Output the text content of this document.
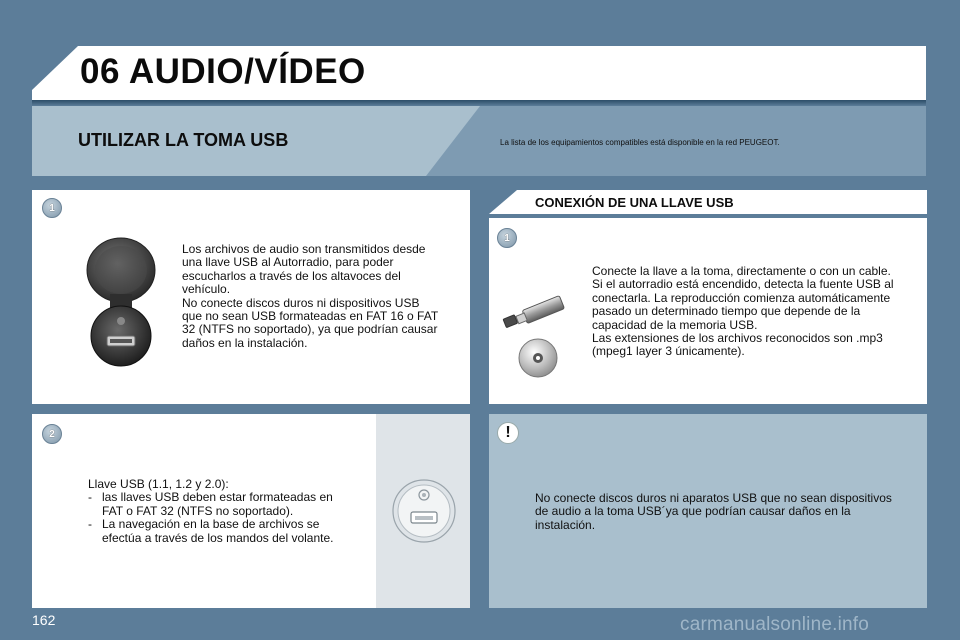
06 AUDIO/VÍDEO
UTILIZAR LA TOMA USB	La lista de los equipamientos compatibles está disponible en la red PEUGEOT.
1
Los archivos de audio son transmitidos desde
una llave USB al Autorradio, para poder
escucharlos a través de los altavoces del
vehículo.
No conecte discos duros ni dispositivos USB
que no sean USB formateadas en FAT 16 o FAT
32 (NTFS no soportado), ya que podrían causar
daños en la instalación.
2
Llave USB (1.1, 1.2 y 2.0):
- las llaves USB deben estar formateadas en
FAT o FAT 32 (NTFS no soportado).
- La navegación en la base de archivos se
efectúa a través de los mandos del volante.
CONEXIÓN DE UNA LLAVE USB
1
Conecte la llave a la toma, directamente o con un cable.
Si el autorradio está encendido, detecta la fuente USB al
conectarla. La reproducción comienza automáticamente
pasado un determinado tiempo que depende de la
capacidad de la memoria USB.
Las extensiones de los archivos reconocidos son .mp3
(mpeg1 layer 3 únicamente).
!
No conecte discos duros ni aparatos USB que no sean dispositivos
de audio a la toma USB´ya que podrían causar daños en la
instalación.
162	carmanualsonline.info
